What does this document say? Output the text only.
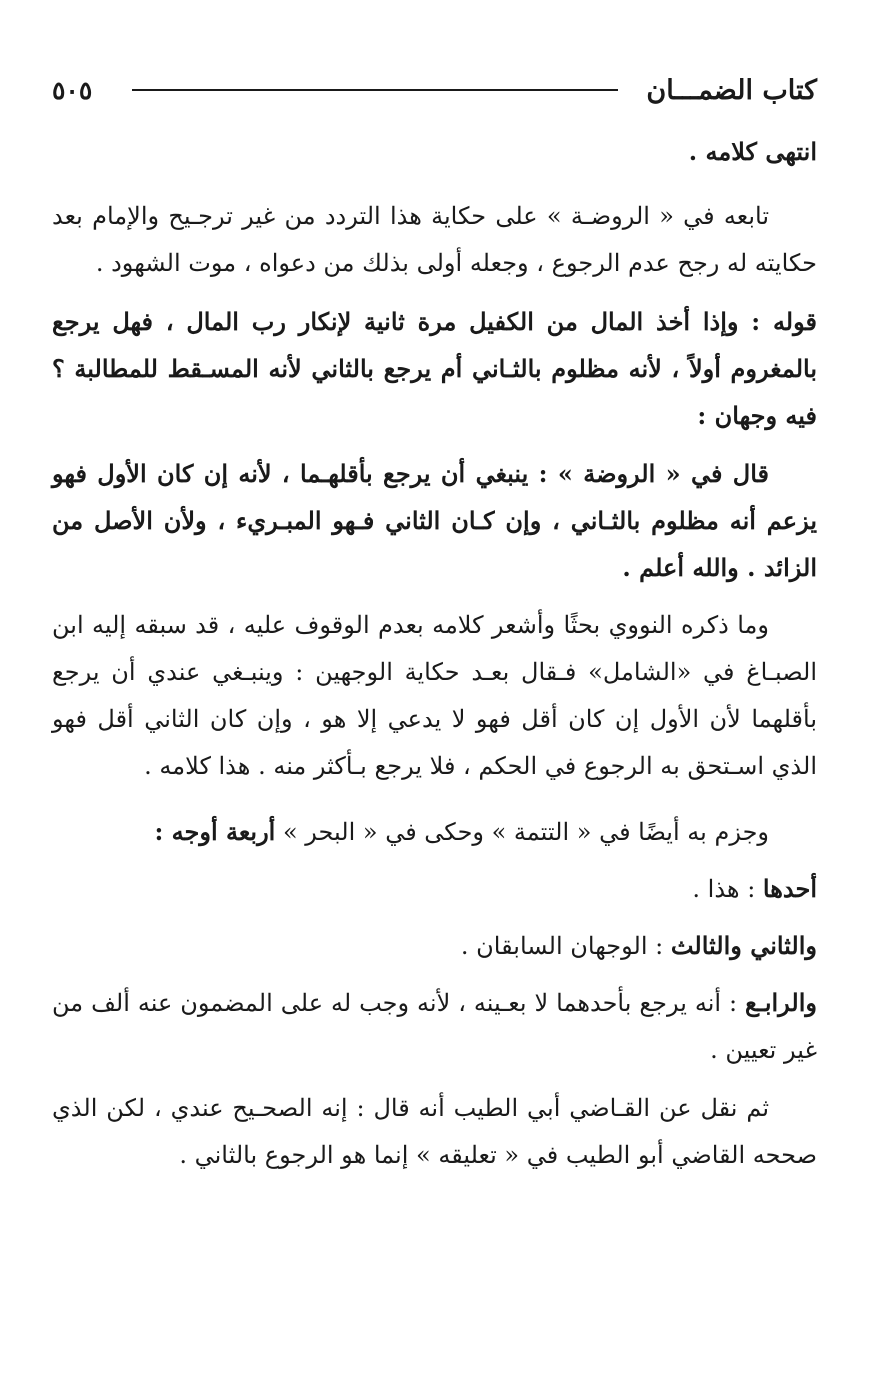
كتاب الضمـــان
٥٠٥

انتهى كلامه .

تابعه في « الروضـة » على حكاية هذا التردد من غير ترجـيح والإمام بعد حكايته له رجح عدم الرجوع ، وجعله أولى بذلك من دعواه ، موت الشهود .

قوله : وإذا أخذ المال من الكفيل مرة ثانية لإنكار رب المال ، فهل يرجع بالمغروم أولاً ، لأنه مظلوم بالثـاني أم يرجع بالثاني لأنه المسـقط للمطالبة ؟ فيه وجهان :

قال في « الروضة » : ينبغي أن يرجع بأقلهـما ، لأنه إن كان الأول فهو يزعم أنه مظلوم بالثـاني ، وإن كـان الثاني فـهو المبـريء ، ولأن الأصل من الزائد . والله أعلم .

وما ذكره النووي بحثًا وأشعر كلامه بعدم الوقوف عليه ، قد سبقه إليه ابن الصبـاغ في «الشامل» فـقال بعـد حكاية الوجهين : وينبـغي عندي أن يرجع بأقلهما لأن الأول إن كان أقل فهو لا يدعي إلا هو ، وإن كان الثاني أقل فهو الذي اسـتحق به الرجوع في الحكم ، فلا يرجع بـأكثر منه . هذا كلامه .

وجزم به أيضًا في « التتمة » وحكى في « البحر » أربعة أوجه :

أحدها : هذا .

والثاني والثالث : الوجهان السابقان .

والرابـع : أنه يرجع بأحدهما لا بعـينه ، لأنه وجب له على المضمون عنه ألف من غير تعيين .

ثم نقل عن القـاضي أبي الطيب أنه قال : إنه الصحـيح عندي ، لكن الذي صححه القاضي أبو الطيب في « تعليقه » إنما هو الرجوع بالثاني .
